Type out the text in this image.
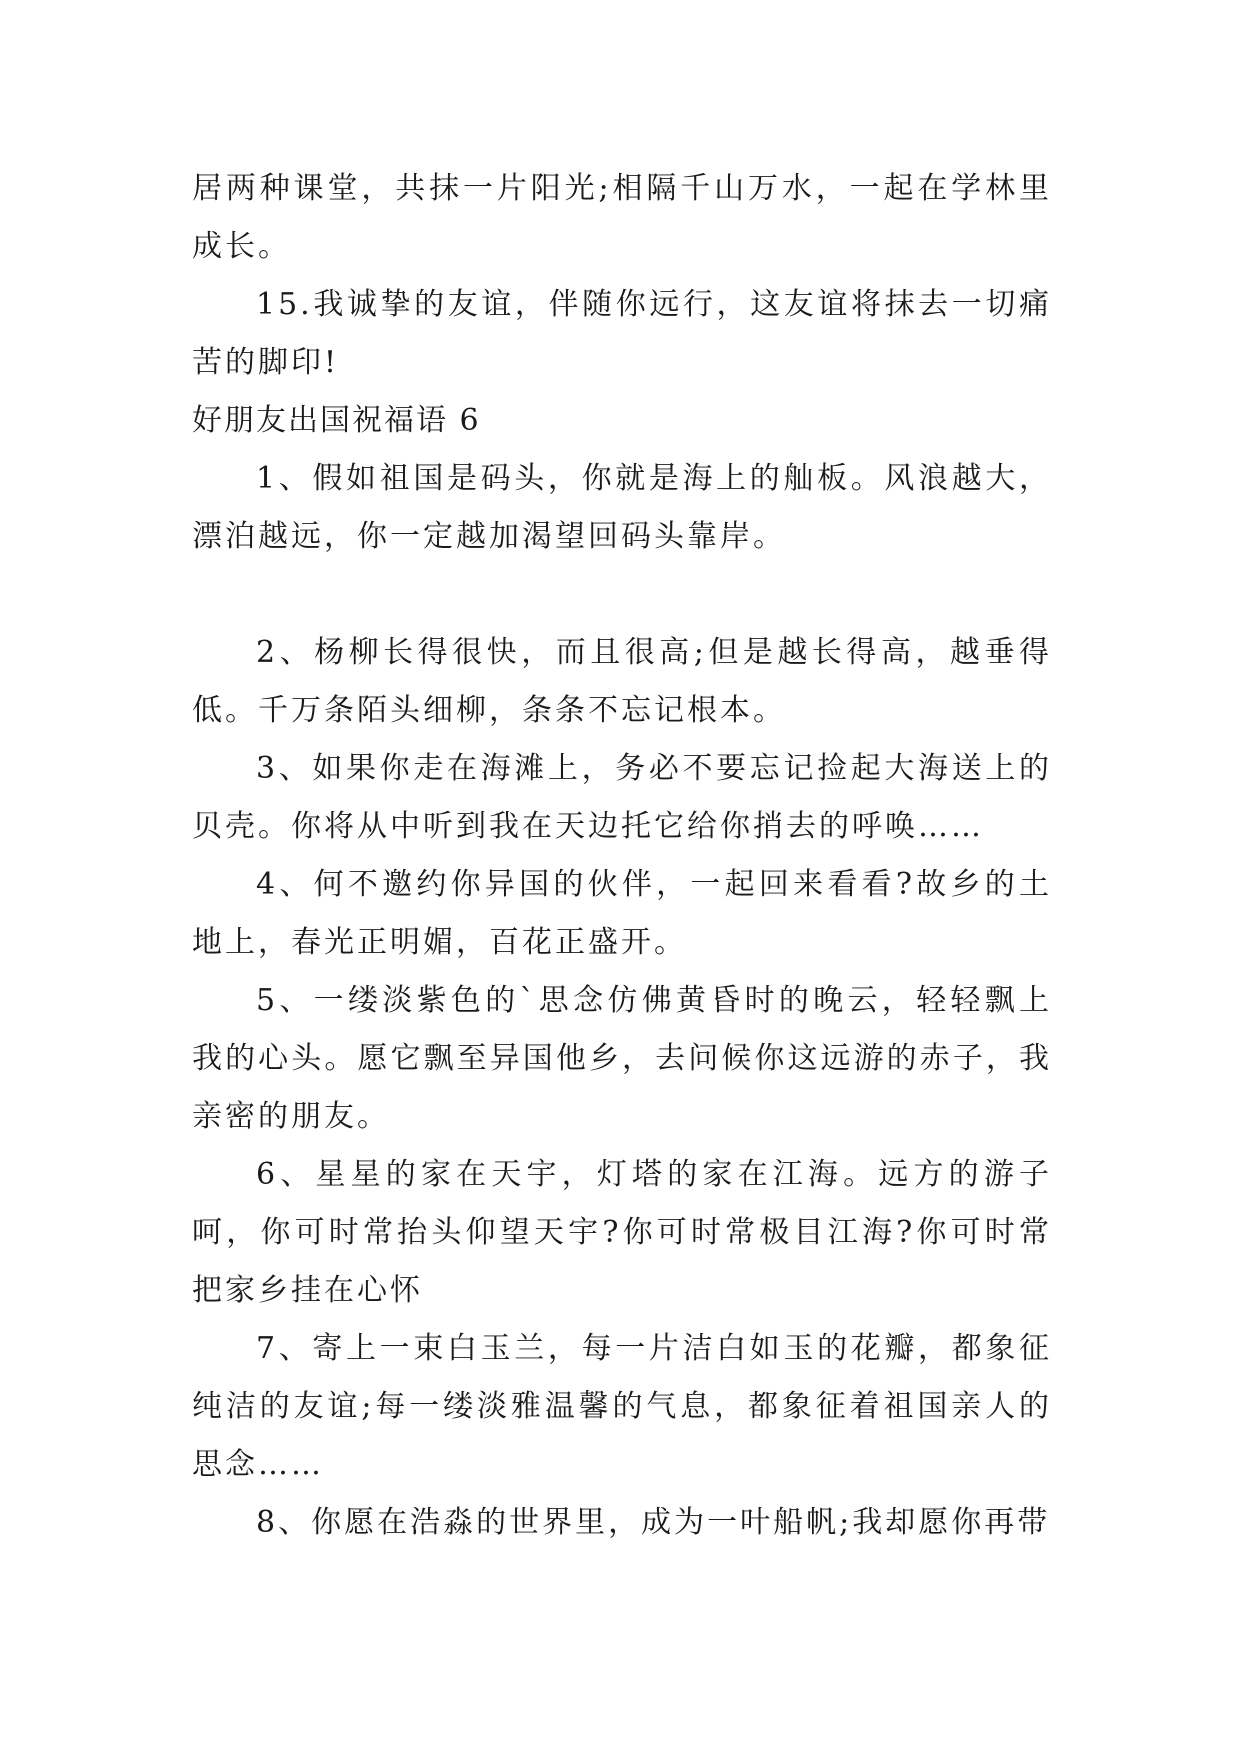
居两种课堂，共抹一片阳光;相隔千山万水，一起在学林里成长。

15.我诚挚的友谊，伴随你远行，这友谊将抹去一切痛苦的脚印!

好朋友出国祝福语 6

1、假如祖国是码头，你就是海上的舢板。风浪越大，漂泊越远，你一定越加渴望回码头靠岸。

2、杨柳长得很快，而且很高;但是越长得高，越垂得低。千万条陌头细柳，条条不忘记根本。

3、如果你走在海滩上，务必不要忘记捡起大海送上的贝壳。你将从中听到我在天边托它给你捎去的呼唤……

4、何不邀约你异国的伙伴，一起回来看看?故乡的土地上，春光正明媚，百花正盛开。

5、一缕淡紫色的`思念仿佛黄昏时的晚云，轻轻飘上我的心头。愿它飘至异国他乡，去问候你这远游的赤子，我亲密的朋友。

6、星星的家在天宇，灯塔的家在江海。远方的游子呵，你可时常抬头仰望天宇?你可时常极目江海?你可时常把家乡挂在心怀

7、寄上一束白玉兰，每一片洁白如玉的花瓣，都象征纯洁的友谊;每一缕淡雅温馨的气息，都象征着祖国亲人的思念……

8、你愿在浩淼的世界里，成为一叶船帆;我却愿你再带
